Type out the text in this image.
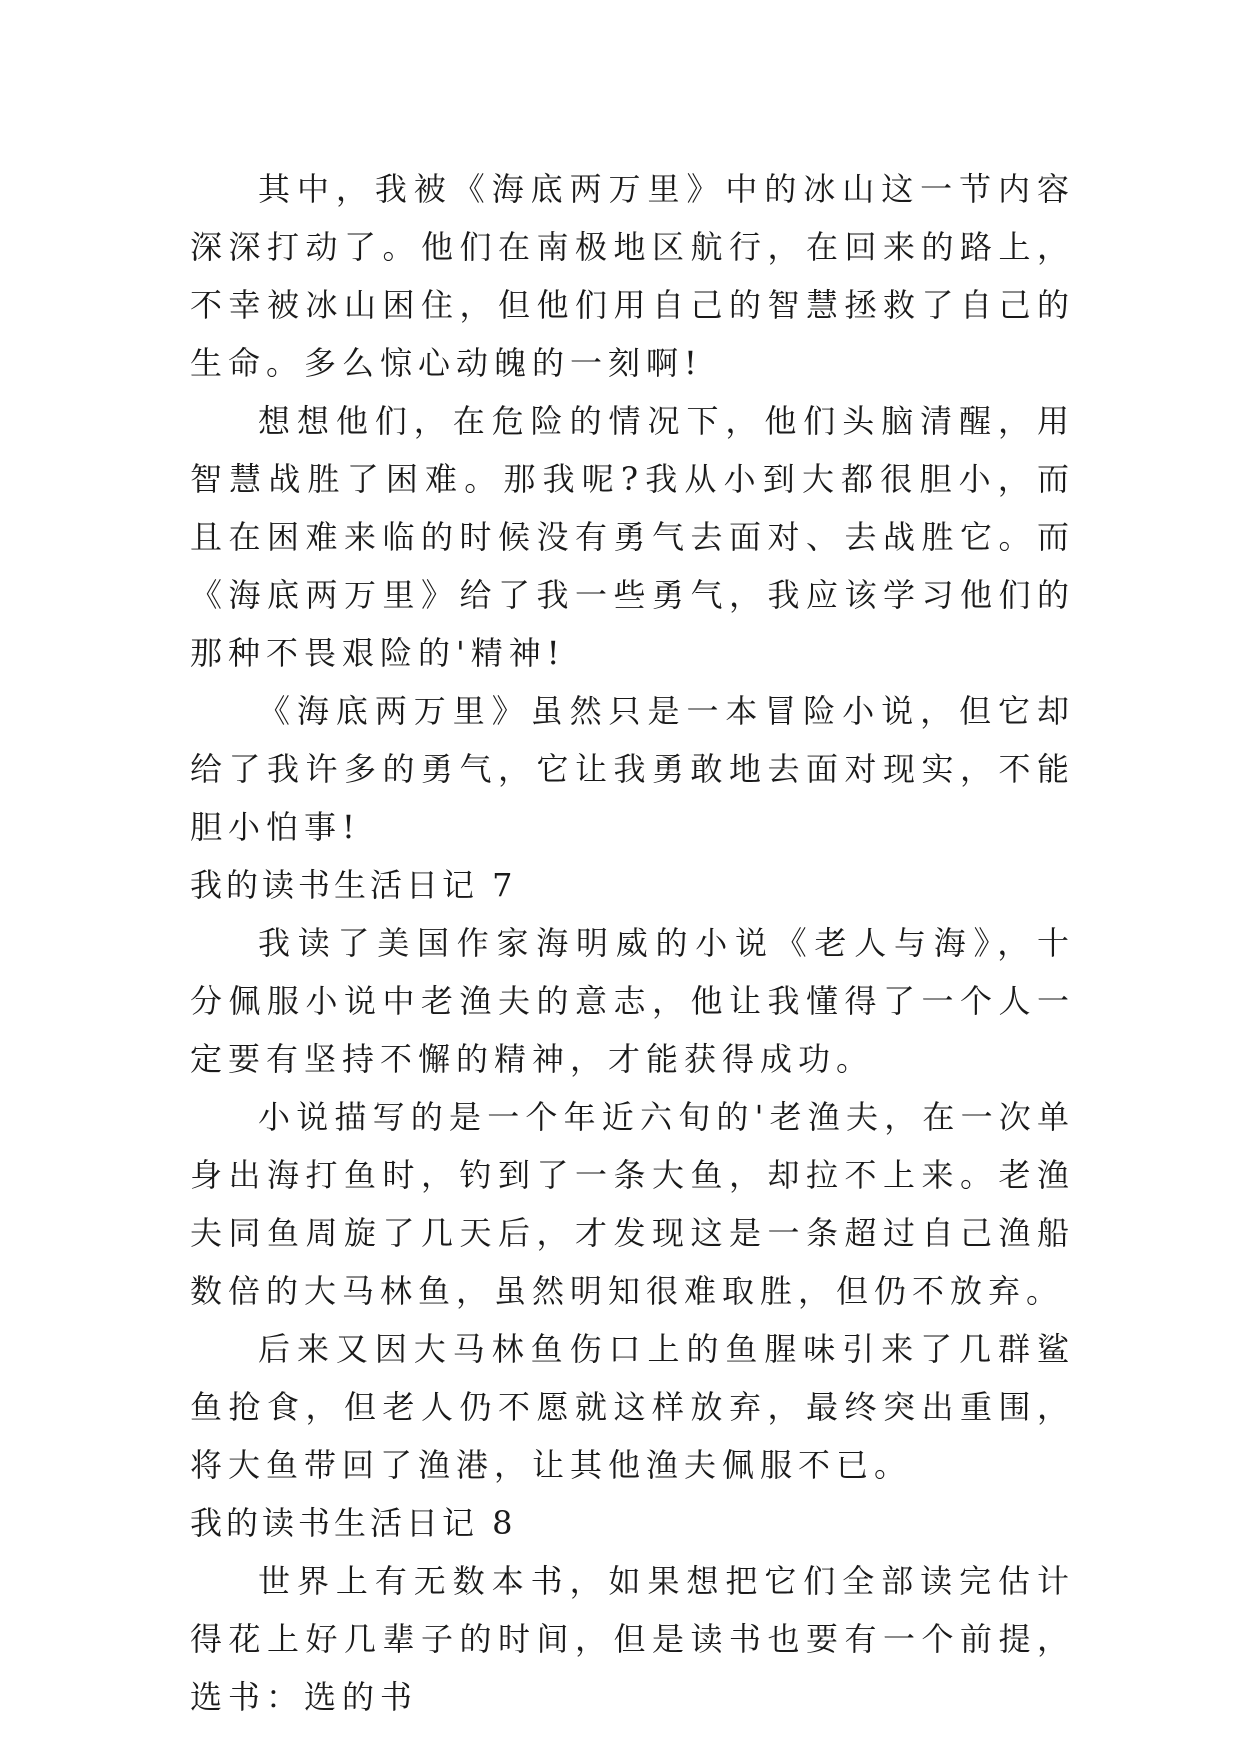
其中，我被《海底两万里》中的冰山这一节内容深深打动了。他们在南极地区航行，在回来的路上，不幸被冰山困住，但他们用自己的智慧拯救了自己的生命。多么惊心动魄的一刻啊!

想想他们，在危险的情况下，他们头脑清醒，用智慧战胜了困难。那我呢?我从小到大都很胆小，而且在困难来临的时候没有勇气去面对、去战胜它。而《海底两万里》给了我一些勇气，我应该学习他们的那种不畏艰险的'精神!

《海底两万里》虽然只是一本冒险小说，但它却给了我许多的勇气，它让我勇敢地去面对现实，不能胆小怕事!

我的读书生活日记 7

我读了美国作家海明威的小说《老人与海》，十分佩服小说中老渔夫的意志，他让我懂得了一个人一定要有坚持不懈的精神，才能获得成功。

小说描写的是一个年近六旬的'老渔夫，在一次单身出海打鱼时，钓到了一条大鱼，却拉不上来。老渔夫同鱼周旋了几天后，才发现这是一条超过自己渔船数倍的大马林鱼，虽然明知很难取胜，但仍不放弃。

后来又因大马林鱼伤口上的鱼腥味引来了几群鲨鱼抢食，但老人仍不愿就这样放弃，最终突出重围，将大鱼带回了渔港，让其他渔夫佩服不已。

我的读书生活日记 8

世界上有无数本书，如果想把它们全部读完估计得花上好几辈子的时间，但是读书也要有一个前提，选书：选的书
